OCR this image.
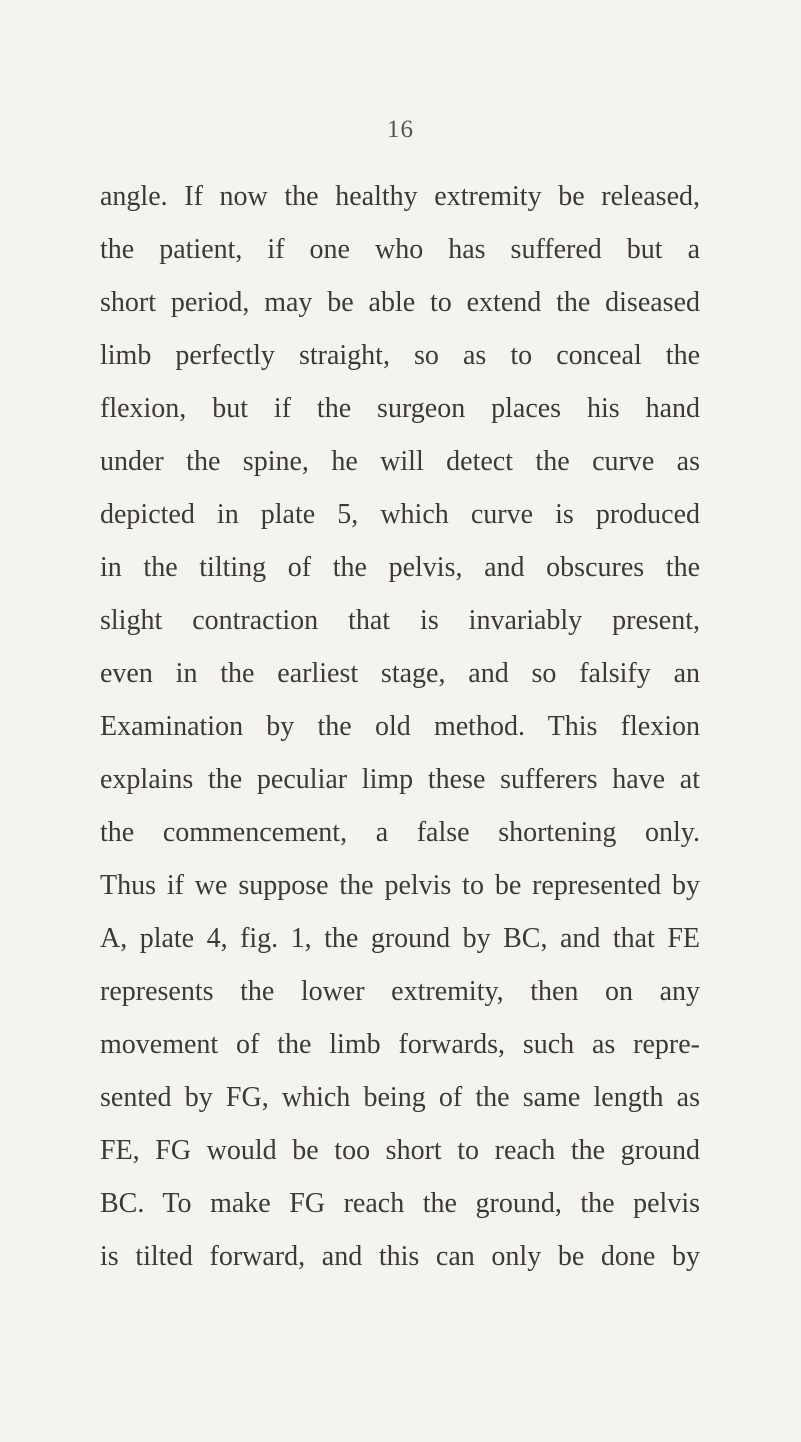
16
angle. If now the healthy extremity be released,
the patient, if one who has suffered but a
short period, may be able to extend the diseased
limb perfectly straight, so as to conceal the
flexion, but if the surgeon places his hand
under the spine, he will detect the curve as
depicted in plate 5, which curve is produced
in the tilting of the pelvis, and obscures the
slight contraction that is invariably present,
even in the earliest stage, and so falsify an
Examination by the old method. This flexion
explains the peculiar limp these sufferers have at
the commencement, a false shortening only.
Thus if we suppose the pelvis to be represented by
A, plate 4, fig. 1, the ground by BC, and that FE
represents the lower extremity, then on any
movement of the limb forwards, such as repre-
sented by FG, which being of the same length as
FE, FG would be too short to reach the ground
BC. To make FG reach the ground, the pelvis
is tilted forward, and this can only be done by
